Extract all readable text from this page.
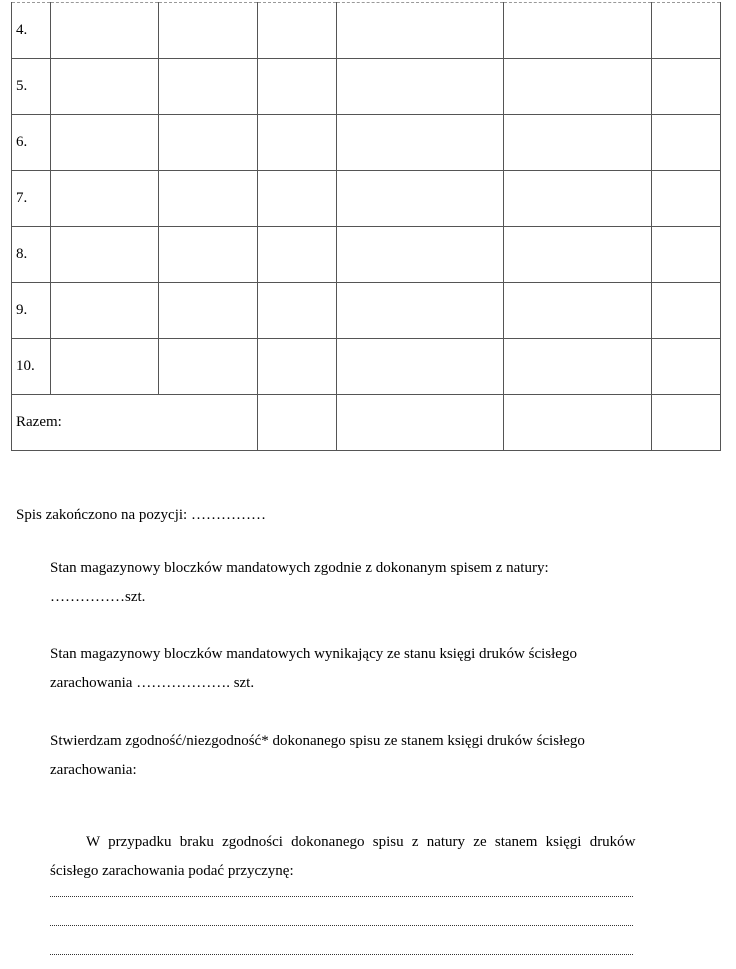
4.						
5.						
6.						
7.						
8.						
9.						
10.						
Razem:						
Spis zakończono na pozycji: ……………
Stan magazynowy bloczków mandatowych zgodnie z dokonanym spisem z natury:
……………szt.
Stan magazynowy bloczków mandatowych wynikający ze stanu księgi druków ścisłego
zarachowania ………………. szt.
Stwierdzam zgodność/niezgodność* dokonanego spisu ze stanem księgi druków ścisłego
zarachowania:
W przypadku braku zgodności dokonanego spisu z natury ze stanem księgi druków
ścisłego zarachowania podać przyczynę:
